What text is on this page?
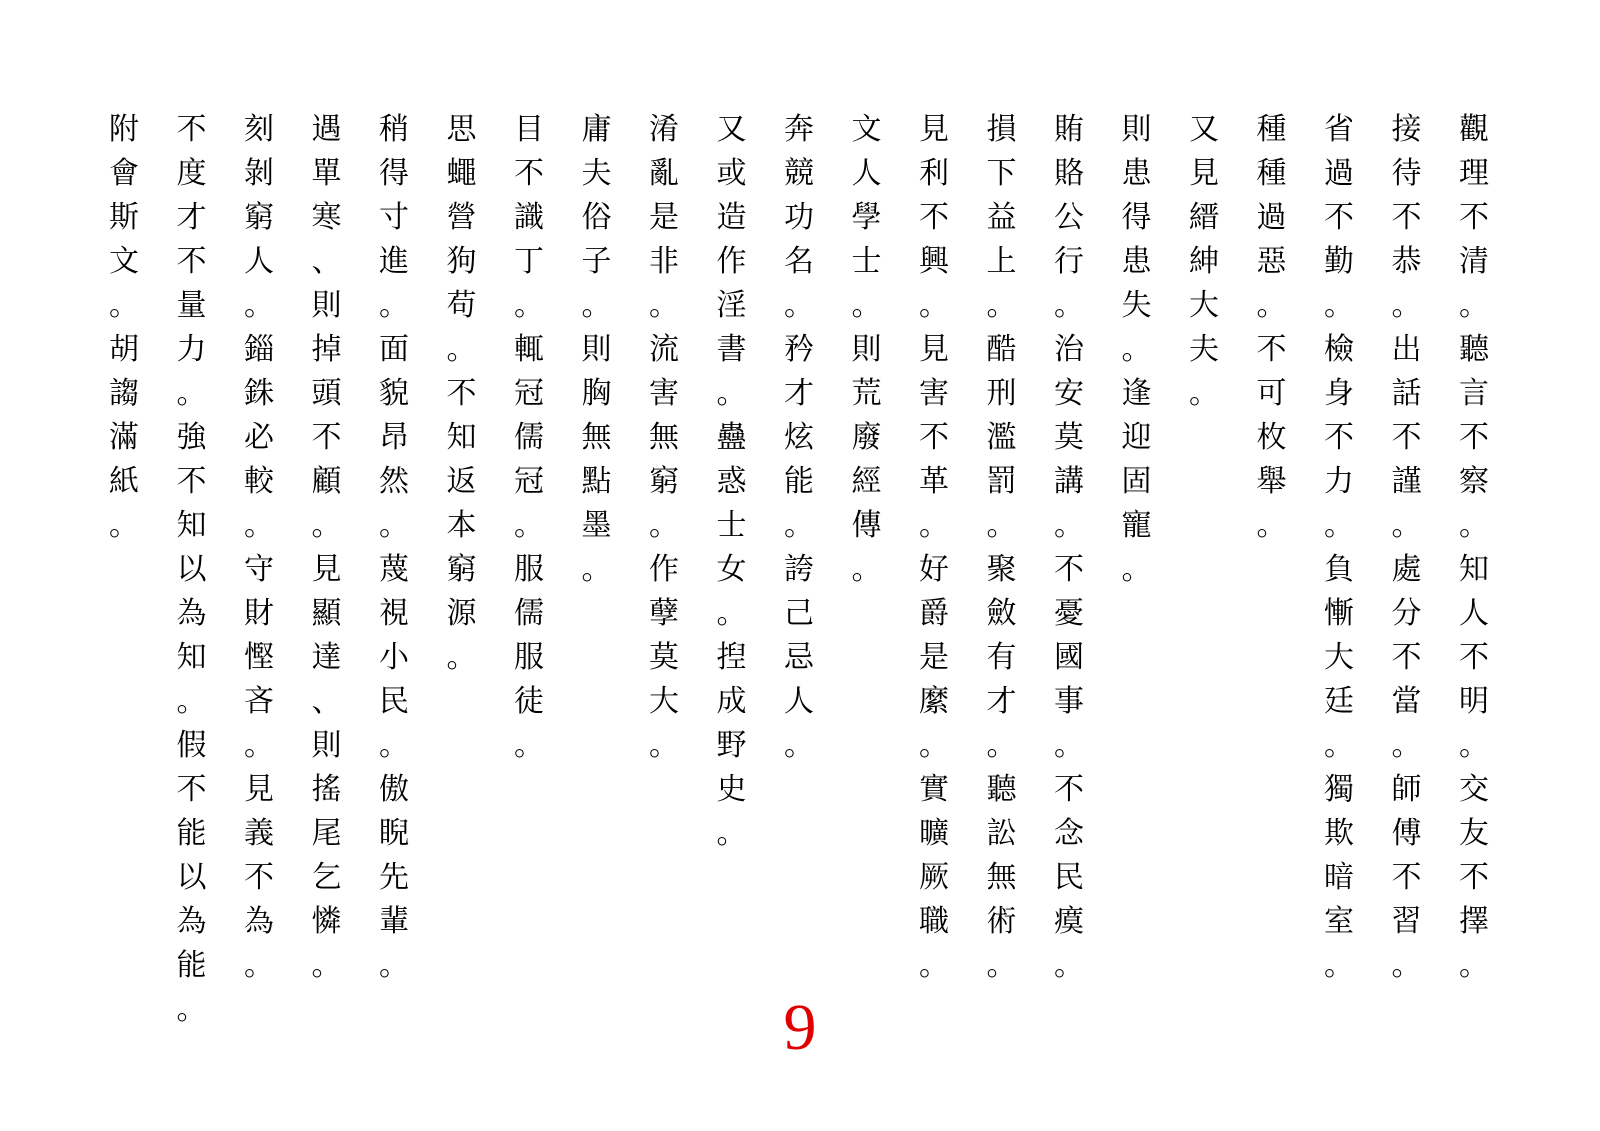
觀
理
不
清
。
聽
言
不
察
。
知
人
不
明
。
交
友
不
擇
。
接
待
不
恭
。
出
話
不
謹
。
處
分
不
當
。
師
傅
不
習
。
省
過
不
勤
。
檢
身
不
力
。
負
慚
大
廷
。
獨
欺
暗
室
。
種
種
過
惡
。
不
可
枚
舉
。
又
見
縉
紳
大
夫
。
則
患
得
患
失
。
逢
迎
固
寵
。
賄
賂
公
行
。
治
安
莫
講
。
不
憂
國
事
。
不
念
民
瘼
。
損
下
益
上
。
酷
刑
濫
罰
。
聚
斂
有
才
。
聽
訟
無
術
。
見
利
不
興
。
見
害
不
革
。
好
爵
是
縻
。
實
曠
厥
職
。
文
人
學
士
。
則
荒
廢
經
傳
。
奔
競
功
名
。
矜
才
炫
能
。
誇
己
忌
人
。
又
或
造
作
淫
書
。
蠱
惑
士
女
。
揑
成
野
史
。
淆
亂
是
非
。
流
害
無
窮
。
作
孽
莫
大
。
庸
夫
俗
子
。
則
胸
無
點
墨
。
目
不
識
丁
。
輒
冠
儒
冠
。
服
儒
服
徒
。
思
蠅
營
狗
苟
。
不
知
返
本
窮
源
。
稍
得
寸
進
。
面
貌
昂
然
。
蔑
視
小
民
。
傲
睨
先
輩
。
遇
單
寒
、
則
掉
頭
不
顧
。
見
顯
達
、
則
搖
尾
乞
憐
。
刻
剝
窮
人
。
錙
銖
必
較
。
守
財
慳
吝
。
見
義
不
為
。
不
度
才
不
量
力
。
強
不
知
以
為
知
。
假
不
能
以
為
能
。
附
會
斯
文
。
胡
謅
滿
紙
。
9
